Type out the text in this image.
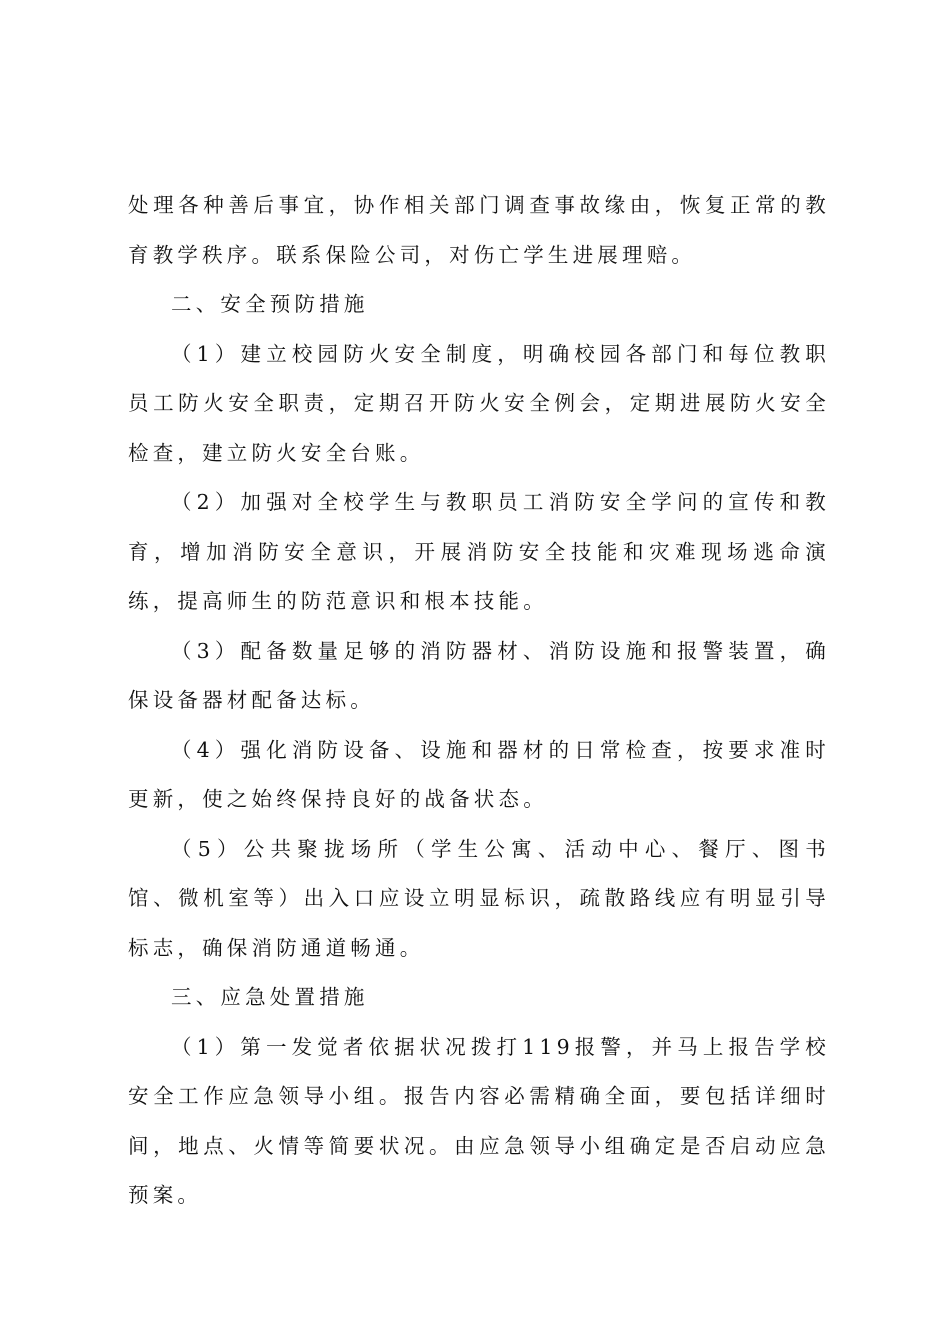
处理各种善后事宜，协作相关部门调查事故缘由，恢复正常的教育教学秩序。联系保险公司，对伤亡学生进展理赔。

二、安全预防措施

（1）建立校园防火安全制度，明确校园各部门和每位教职员工防火安全职责，定期召开防火安全例会，定期进展防火安全检查，建立防火安全台账。

（2）加强对全校学生与教职员工消防安全学问的宣传和教育，增加消防安全意识，开展消防安全技能和灾难现场逃命演练，提高师生的防范意识和根本技能。

（3）配备数量足够的消防器材、消防设施和报警装置，确保设备器材配备达标。

（4）强化消防设备、设施和器材的日常检查，按要求准时更新，使之始终保持良好的战备状态。

（5）公共聚拢场所（学生公寓、活动中心、餐厅、图书馆、微机室等）出入口应设立明显标识，疏散路线应有明显引导标志，确保消防通道畅通。

三、应急处置措施

（1）第一发觉者依据状况拨打119报警，并马上报告学校安全工作应急领导小组。报告内容必需精确全面，要包括详细时间，地点、火情等简要状况。由应急领导小组确定是否启动应急预案。
